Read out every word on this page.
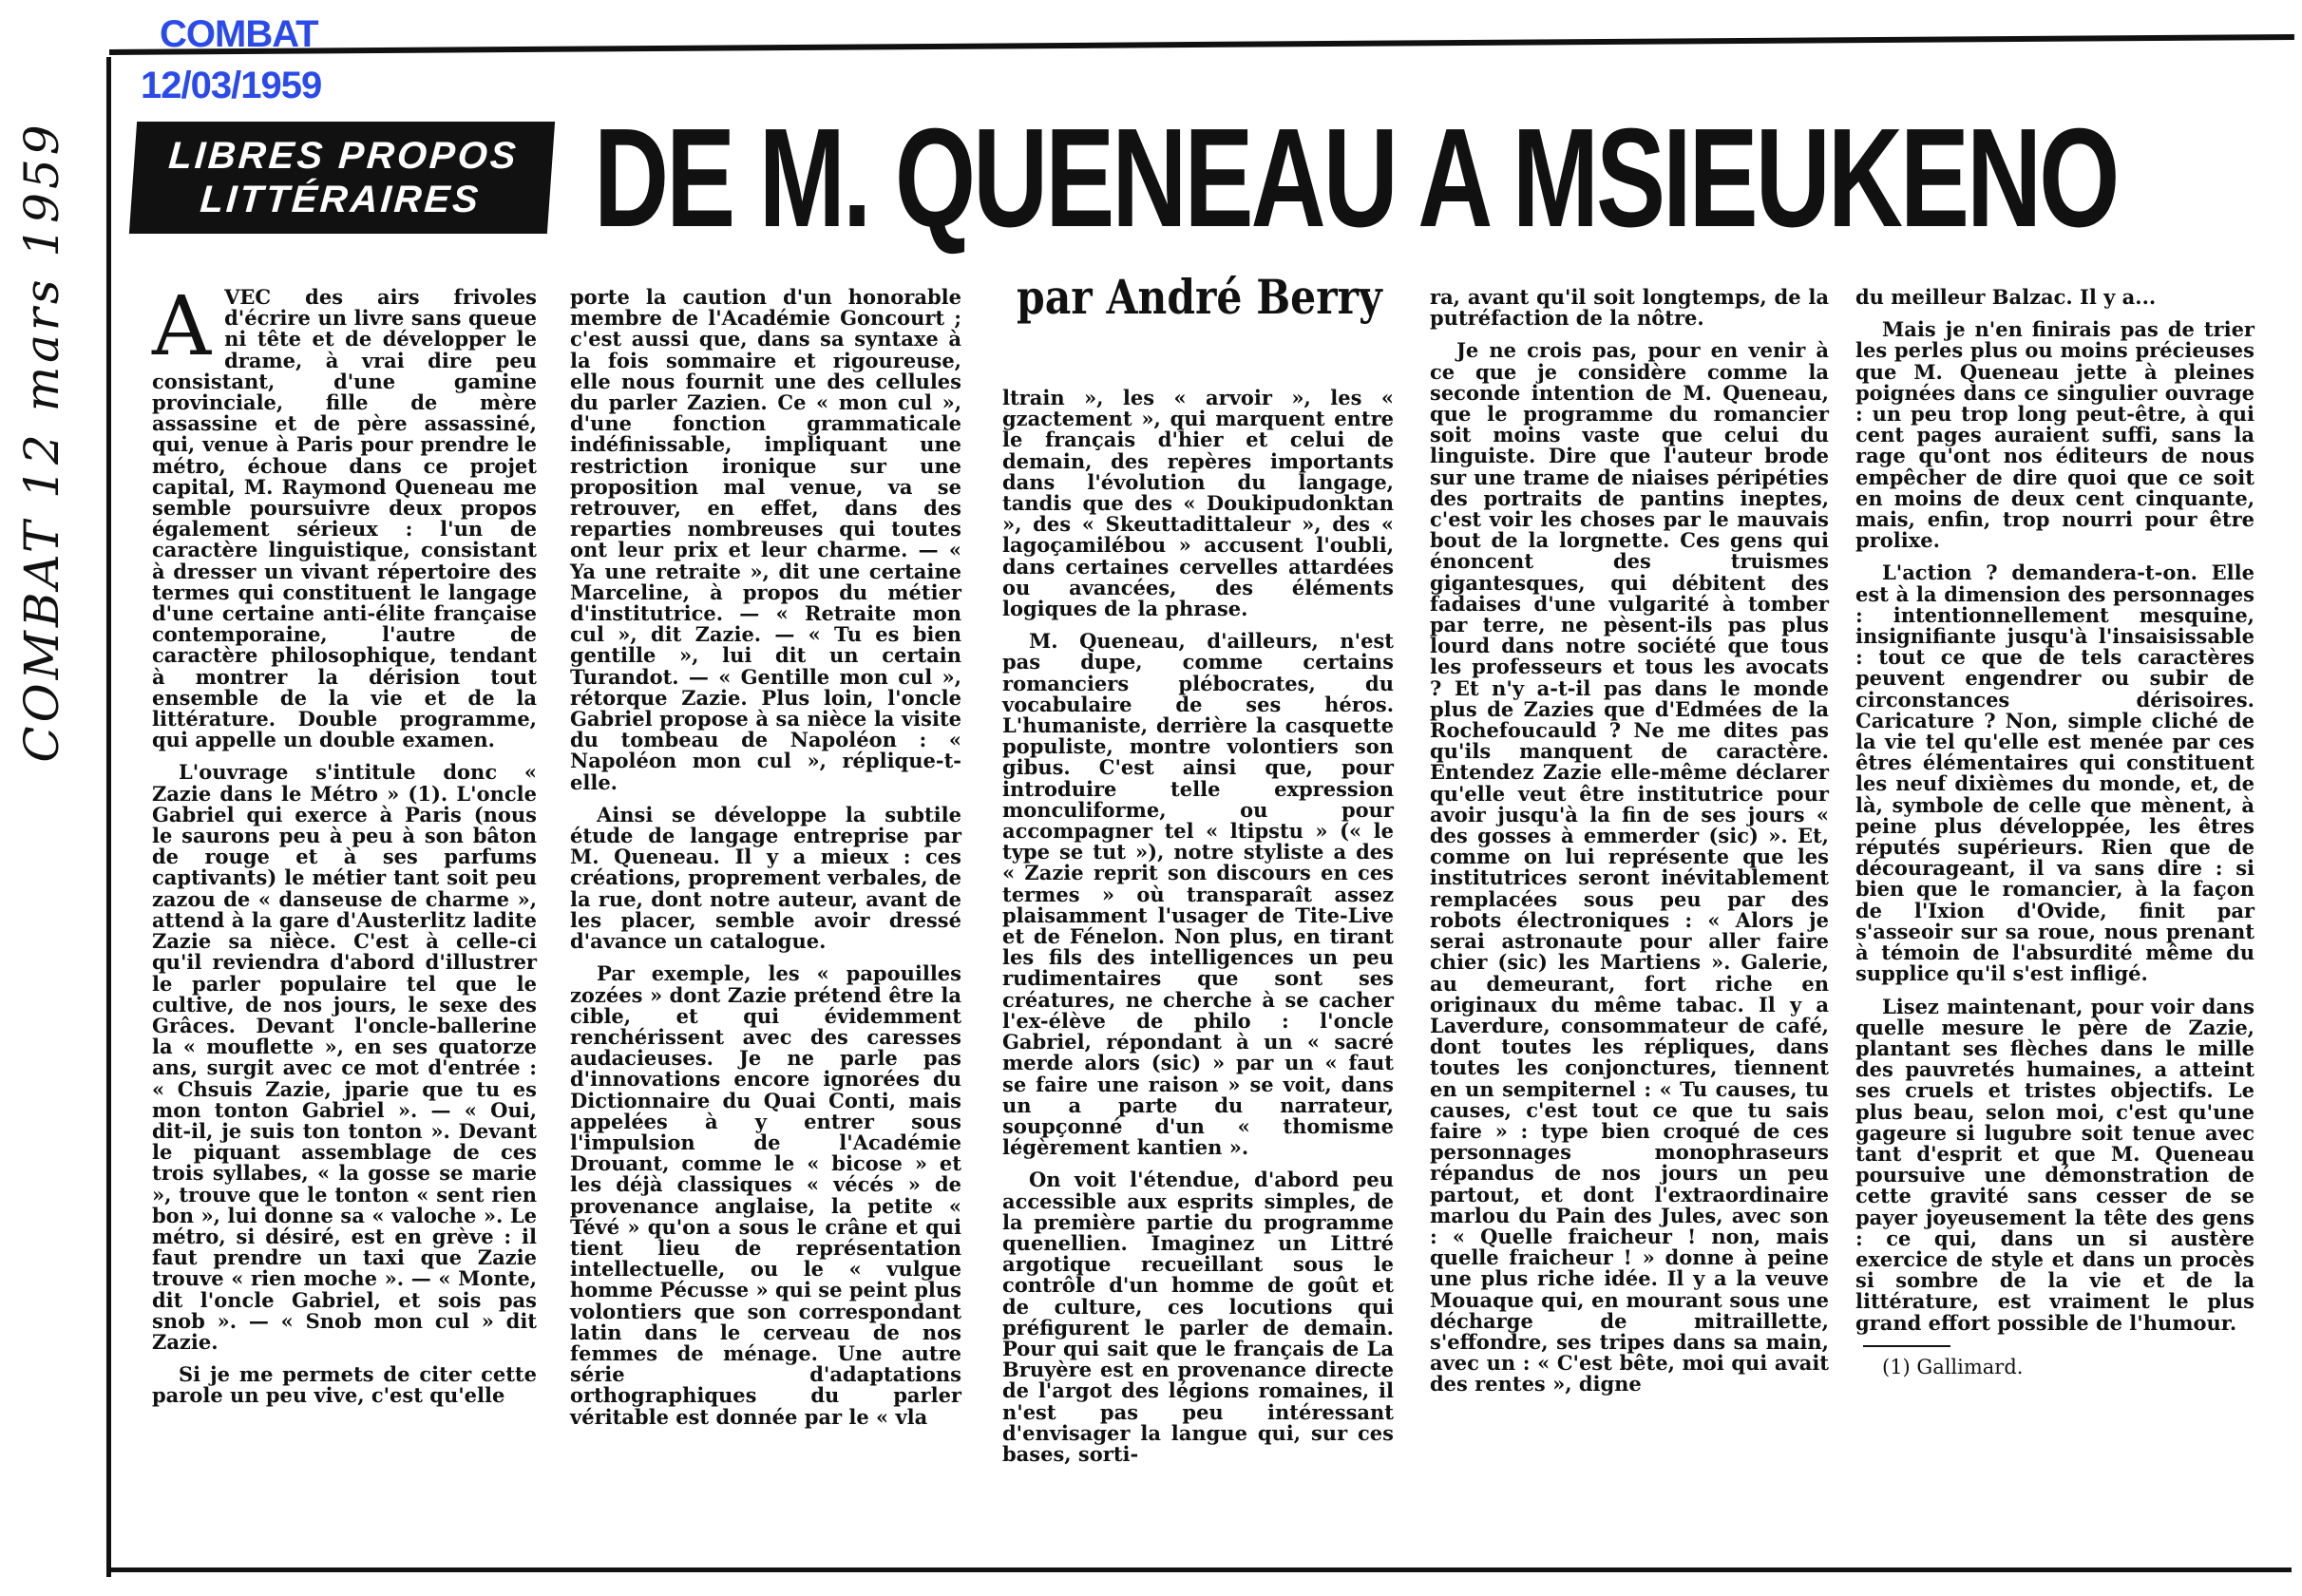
COMBAT
12/03/1959
COMBAT 12 mars 1959	LIBRES PROPOS
LITTÉRAIRES DE M. QUENEAU A MSIEUKENO
par André Berry

AVEC des airs frivoles d'écrire un livre sans queue ni tête et de développer le drame, à vrai dire peu consistant, d'une gamine provinciale, fille de mère assassine et de père assassiné, qui, venue à Paris pour prendre le métro, échoue dans ce projet capital, M. Raymond Queneau me semble poursuivre deux propos également sérieux : l'un de caractère linguistique, consistant à dresser un vivant répertoire des termes qui constituent le langage d'une certaine anti-élite française contemporaine, l'autre de caractère philosophique, tendant à montrer la dérision tout ensemble de la vie et de la littérature. Double programme, qui appelle un double examen.

L'ouvrage s'intitule donc « Zazie dans le Métro » (1). L'oncle Gabriel qui exerce à Paris (nous le saurons peu à peu à son bâton de rouge et à ses parfums captivants) le métier tant soit peu zazou de « danseuse de charme », attend à la gare d'Austerlitz ladite Zazie sa nièce. C'est à celle-ci qu'il reviendra d'abord d'illustrer le parler populaire tel que le cultive, de nos jours, le sexe des Grâces. Devant l'oncle-ballerine la « mouflette », en ses quatorze ans, surgit avec ce mot d'entrée : « Chsuis Zazie, jparie que tu es mon tonton Gabriel ». — « Oui, dit-il, je suis ton tonton ». Devant le piquant assemblage de ces trois syllabes, « la gosse se marie », trouve que le tonton « sent rien bon », lui donne sa « valoche ». Le métro, si désiré, est en grève : il faut prendre un taxi que Zazie trouve « rien moche ». — « Monte, dit l'oncle Gabriel, et sois pas snob ». — « Snob mon cul » dit Zazie.

Si je me permets de citer cette parole un peu vive, c'est qu'elle

porte la caution d'un honorable membre de l'Académie Goncourt ; c'est aussi que, dans sa syntaxe à la fois sommaire et rigoureuse, elle nous fournit une des cellules du parler Zazien. Ce « mon cul », d'une fonction grammaticale indéfinissable, impliquant une restriction ironique sur une proposition mal venue, va se retrouver, en effet, dans des reparties nombreuses qui toutes ont leur prix et leur charme. — « Ya une retraite », dit une certaine Marceline, à propos du métier d'institutrice. — « Retraite mon cul », dit Zazie. — « Tu es bien gentille », lui dit un certain Turandot. — « Gentille mon cul », rétorque Zazie. Plus loin, l'oncle Gabriel propose à sa nièce la visite du tombeau de Napoléon : « Napoléon mon cul », réplique-t-elle.

Ainsi se développe la subtile étude de langage entreprise par M. Queneau. Il y a mieux : ces créations, proprement verbales, de la rue, dont notre auteur, avant de les placer, semble avoir dressé d'avance un catalogue.

Par exemple, les « papouilles zozées » dont Zazie prétend être la cible, et qui évidemment renchérissent avec des caresses audacieuses. Je ne parle pas d'innovations encore ignorées du Dictionnaire du Quai Conti, mais appelées à y entrer sous l'impulsion de l'Académie Drouant, comme le « bicose » et les déjà classiques « vécés » de provenance anglaise, la petite « Tévé » qu'on a sous le crâne et qui tient lieu de représentation intellectuelle, ou le « vulgue homme Pécusse » qui se peint plus volontiers que son correspondant latin dans le cerveau de nos femmes de ménage. Une autre série d'adaptations orthographiques du parler véritable est donnée par le « vla

ltrain », les « arvoir », les « gzactement », qui marquent entre le français d'hier et celui de demain, des repères importants dans l'évolution du langage, tandis que des « Doukipudonktan », des « Skeuttadittaleur », des « lagoçamilébou » accusent l'oubli, dans certaines cervelles attardées ou avancées, des éléments logiques de la phrase.

M. Queneau, d'ailleurs, n'est pas dupe, comme certains romanciers plébocrates, du vocabulaire de ses héros. L'humaniste, derrière la casquette populiste, montre volontiers son gibus. C'est ainsi que, pour introduire telle expression monculiforme, ou pour accompagner tel « ltipstu » (« le type se tut »), notre styliste a des « Zazie reprit son discours en ces termes » où transparaît assez plaisamment l'usager de Tite-Live et de Fénelon. Non plus, en tirant les fils des intelligences un peu rudimentaires que sont ses créatures, ne cherche à se cacher l'ex-élève de philo : l'oncle Gabriel, répondant à un « sacré merde alors (sic) » par un « faut se faire une raison » se voit, dans un a parte du narrateur, soupçonné d'un « thomisme légèrement kantien ».

On voit l'étendue, d'abord peu accessible aux esprits simples, de la première partie du programme quenellien. Imaginez un Littré argotique recueillant sous le contrôle d'un homme de goût et de culture, ces locutions qui préfigurent le parler de demain. Pour qui sait que le français de La Bruyère est en provenance directe de l'argot des légions romaines, il n'est pas peu intéressant d'envisager la langue qui, sur ces bases, sorti-

ra, avant qu'il soit longtemps, de la putréfaction de la nôtre.

Je ne crois pas, pour en venir à ce que je considère comme la seconde intention de M. Queneau, que le programme du romancier soit moins vaste que celui du linguiste. Dire que l'auteur brode sur une trame de niaises péripéties des portraits de pantins ineptes, c'est voir les choses par le mauvais bout de la lorgnette. Ces gens qui énoncent des truismes gigantesques, qui débitent des fadaises d'une vulgarité à tomber par terre, ne pèsent-ils pas plus lourd dans notre société que tous les professeurs et tous les avocats ? Et n'y a-t-il pas dans le monde plus de Zazies que d'Edmées de la Rochefoucauld ? Ne me dites pas qu'ils manquent de caractère. Entendez Zazie elle-même déclarer qu'elle veut être institutrice pour avoir jusqu'à la fin de ses jours « des gosses à emmerder (sic) ». Et, comme on lui représente que les institutrices seront inévitablement remplacées sous peu par des robots électroniques : « Alors je serai astronaute pour aller faire chier (sic) les Martiens ». Galerie, au demeurant, fort riche en originaux du même tabac. Il y a Laverdure, consommateur de café, dont toutes les répliques, dans toutes les conjonctures, tiennent en un sempiternel : « Tu causes, tu causes, c'est tout ce que tu sais faire » : type bien croqué de ces personnages monophraseurs répandus de nos jours un peu partout, et dont l'extraordinaire marlou du Pain des Jules, avec son : « Quelle fraicheur ! non, mais quelle fraicheur ! » donne à peine une plus riche idée. Il y a la veuve Mouaque qui, en mourant sous une décharge de mitraillette, s'effondre, ses tripes dans sa main, avec un : « C'est bête, moi qui avait des rentes », digne

du meilleur Balzac. Il y a...

Mais je n'en finirais pas de trier les perles plus ou moins précieuses que M. Queneau jette à pleines poignées dans ce singulier ouvrage : un peu trop long peut-être, à qui cent pages auraient suffi, sans la rage qu'ont nos éditeurs de nous empêcher de dire quoi que ce soit en moins de deux cent cinquante, mais, enfin, trop nourri pour être prolixe.

L'action ? demandera-t-on. Elle est à la dimension des personnages : intentionnellement mesquine, insignifiante jusqu'à l'insaisissable : tout ce que de tels caractères peuvent engendrer ou subir de circonstances dérisoires. Caricature ? Non, simple cliché de la vie tel qu'elle est menée par ces êtres élémentaires qui constituent les neuf dixièmes du monde, et, de là, symbole de celle que mènent, à peine plus développée, les êtres réputés supérieurs. Rien que de décourageant, il va sans dire : si bien que le romancier, à la façon de l'Ixion d'Ovide, finit par s'asseoir sur sa roue, nous prenant à témoin de l'absurdité même du supplice qu'il s'est infligé.

Lisez maintenant, pour voir dans quelle mesure le père de Zazie, plantant ses flèches dans le mille des pauvretés humaines, a atteint ses cruels et tristes objectifs. Le plus beau, selon moi, c'est qu'une gageure si lugubre soit tenue avec tant d'esprit et que M. Queneau poursuive une démonstration de cette gravité sans cesser de se payer joyeusement la tête des gens : ce qui, dans un si austère exercice de style et dans un procès si sombre de la vie et de la littérature, est vraiment le plus grand effort possible de l'humour.

(1) Gallimard.
